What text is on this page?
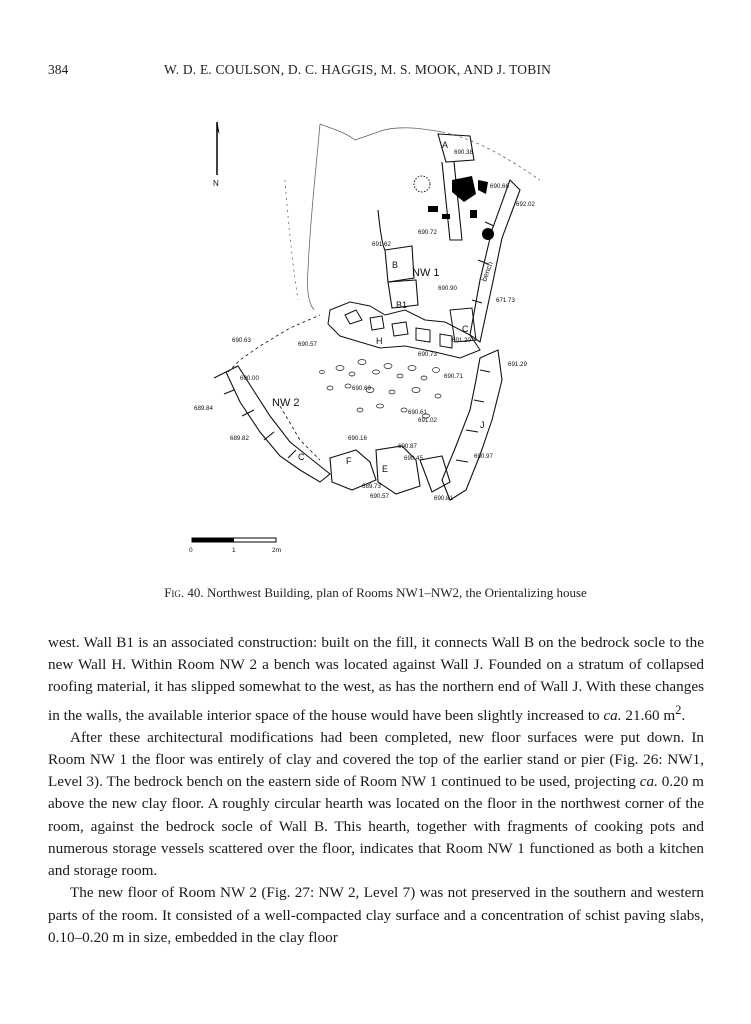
384	W. D. E. COULSON, D. C. HAGGIS, M. S. MOOK, AND J. TOBIN
N
NW 1
NW 2
A
B
B1
C
C
H
J
F
E
bench
690.38
690.66
692.02
690.72
691.62
690.90
671.73
690.57
691.20
690.73
690.63
690.00
689.84
690.69
691.29
690.71
690.61
691.02
689.82	690.16
690.87
690.45	690.97
689.73
690.57	690.81
0	1	2m
Fig. 40. Northwest Building, plan of Rooms NW1–NW2, the Orientalizing house

west. Wall B1 is an associated construction: built on the fill, it connects Wall B on the bedrock socle to the new Wall H. Within Room NW 2 a bench was located against Wall J. Founded on a stratum of collapsed roofing material, it has slipped somewhat to the west, as has the northern end of Wall J. With these changes in the walls, the available interior space of the house would have been slightly increased to ca. 21.60 $m^2$.

After these architectural modifications had been completed, new floor surfaces were put down. In Room NW 1 the floor was entirely of clay and covered the top of the earlier stand or pier (Fig. 26: NW1, Level 3). The bedrock bench on the eastern side of Room NW 1 continued to be used, projecting ca. 0.20 m above the new clay floor. A roughly circular hearth was located on the floor in the northwest corner of the room, against the bedrock socle of Wall B. This hearth, together with fragments of cooking pots and numerous storage vessels scattered over the floor, indicates that Room NW 1 functioned as both a kitchen and storage room.

The new floor of Room NW 2 (Fig. 27: NW 2, Level 7) was not preserved in the southern and western parts of the room. It consisted of a well-compacted clay surface and a concentration of schist paving slabs, 0.10–0.20 m in size, embedded in the clay floor
